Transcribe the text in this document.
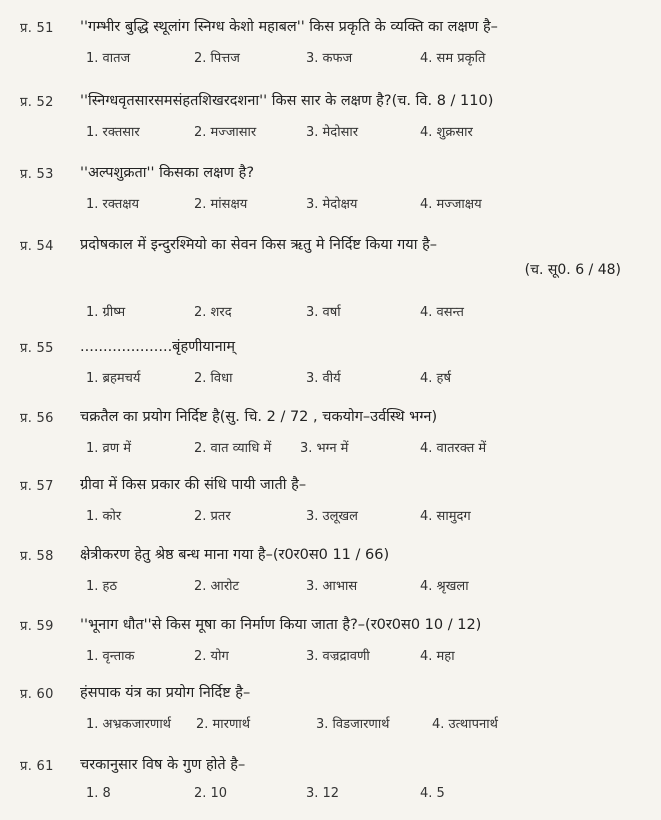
प्र. 51 ''गम्भीर बुद्धि स्थूलांग स्निग्ध केशो महाबल'' किस प्रकृति के व्यक्ति का लक्षण है–
1. वातज	2. पित्तज	3. कफज	4. सम प्रकृति
प्र. 52 ''स्निग्धवृतसारसमसंहतशिखरदशना'' किस सार के लक्षण है?(च. वि. 8 / 110)
1. रक्तसार	2. मज्जासार	3. मेदोसार	4. शुक्रसार
प्र. 53 ''अल्पशुक्रता'' किसका लक्षण है?
1. रक्तक्षय	2. मांसक्षय	3. मेदोक्षय	4. मज्जाक्षय
प्र. 54 प्रदोषकाल में इन्दुरश्मियो का सेवन किस ऋतु मे निर्दिष्ट किया गया है–
(च. सू0. 6 / 48)
1. ग्रीष्म	2. शरद	3. वर्षा	4. वसन्त
प्र. 55 ....................बृंहणीयानाम्
1. ब्रहमचर्य	2. विधा	3. वीर्य	4. हर्ष
प्र. 56 चक्रतैल का प्रयोग निर्दिष्ट है(सु. चि. 2 / 72 , चकयोग–उर्वस्थि भग्न)
1. व्रण में	2. वात व्याधि में 3. भग्न में	4. वातरक्त में
प्र. 57 ग्रीवा में किस प्रकार की संधि पायी जाती है–
1. कोर	2. प्रतर	3. उलूखल	4. सामुदग
प्र. 58 क्षेत्रीकरण हेतु श्रेष्ठ बन्ध माना गया है–(र0र0स0 11 / 66)
1. हठ	2. आरोट	3. आभास	4. श्रृखला
प्र. 59 ''भूनाग धौत''से किस मूषा का निर्माण किया जाता है?–(र0र0स0 10 / 12)
1. वृन्ताक	2. योग	3. वज्रद्रावणी	4. महा
प्र. 60 हंसपाक यंत्र का प्रयोग निर्दिष्ट है–
1. अभ्रकजारणार्थ 2. मारणार्थ	3. विडजारणार्थ	4. उत्थापनार्थ
प्र. 61 चरकानुसार विष के गुण होते है–
1. 8	2. 10	3. 12	4. 5
